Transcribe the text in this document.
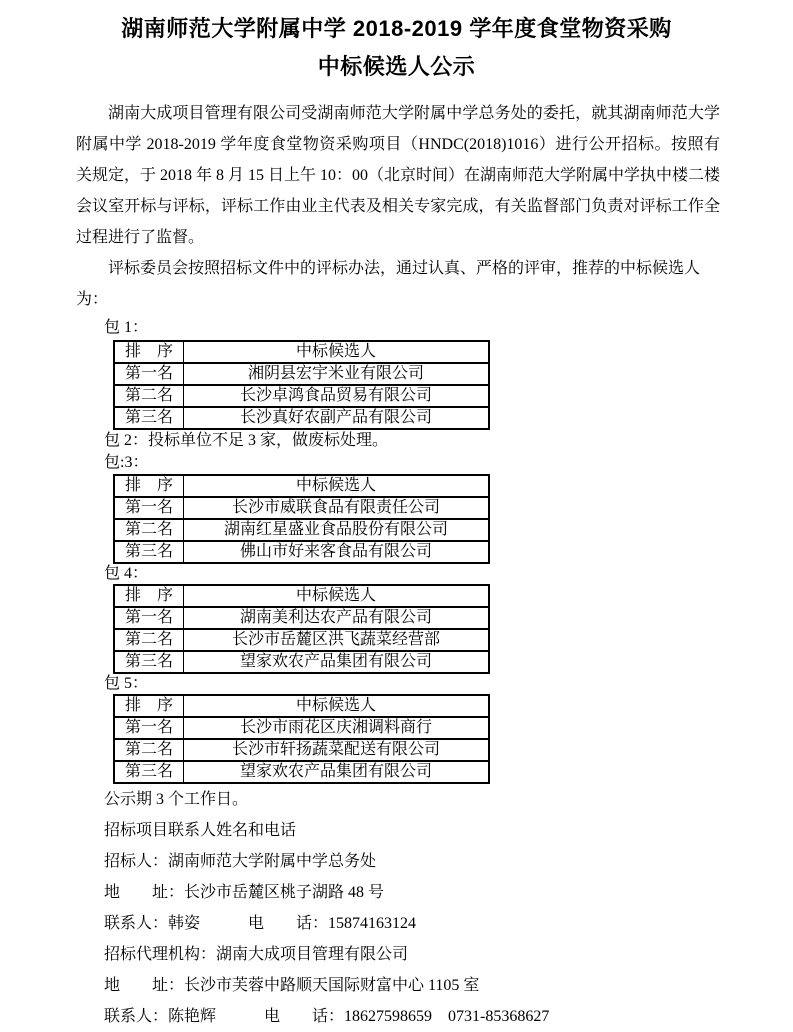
湖南师范大学附属中学 2018-2019 学年度食堂物资采购
中标候选人公示
湖南大成项目管理有限公司受湖南师范大学附属中学总务处的委托，就其湖南师范大学附属中学 2018-2019 学年度食堂物资采购项目（HNDC(2018)1016）进行公开招标。按照有关规定，于 2018 年 8 月 15 日上午 10：00（北京时间）在湖南师范大学附属中学执中楼二楼会议室开标与评标，评标工作由业主代表及相关专家完成，有关监督部门负责对评标工作全过程进行了监督。
评标委员会按照招标文件中的评标办法，通过认真、严格的评审，推荐的中标候选人为：
包 1：
排　序	中标候选人
第一名	湘阴县宏宇米业有限公司
第二名	长沙卓鸿食品贸易有限公司
第三名	长沙真好农副产品有限公司
包 2：投标单位不足 3 家，做废标处理。
包:3：
排　序	中标候选人
第一名	长沙市威联食品有限责任公司
第二名	湖南红星盛业食品股份有限公司
第三名	佛山市好来客食品有限公司
包 4：
排　序	中标候选人
第一名	湖南美利达农产品有限公司
第二名	长沙市岳麓区洪飞蔬菜经营部
第三名	望家欢农产品集团有限公司
包 5：
排　序	中标候选人
第一名	长沙市雨花区庆湘调料商行
第二名	长沙市轩扬蔬菜配送有限公司
第三名	望家欢农产品集团有限公司
公示期 3 个工作日。
招标项目联系人姓名和电话
招标人：湖南师范大学附属中学总务处
地　　址：长沙市岳麓区桃子湖路 48 号
联系人：韩姿　　　电　　话：15874163124
招标代理机构：湖南大成项目管理有限公司
地　　址：长沙市芙蓉中路顺天国际财富中心 1105 室
联系人：陈艳辉　　　电　　话：18627598659　0731-85368627
